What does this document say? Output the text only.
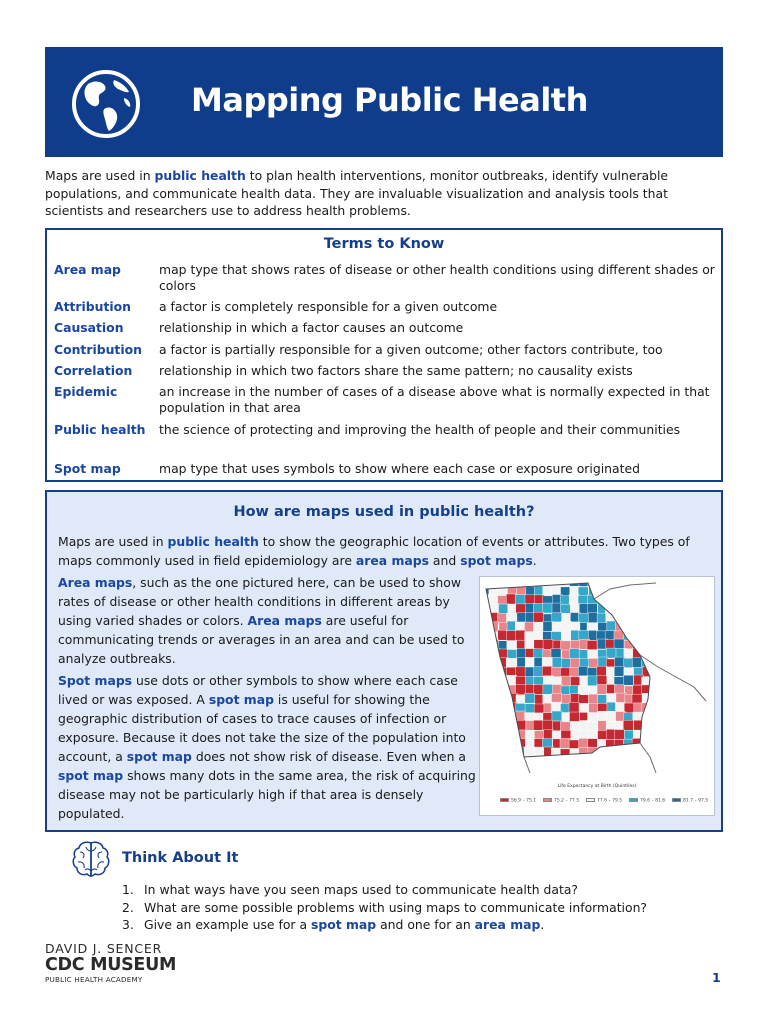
Mapping Public Health

Maps are used in public health to plan health interventions, monitor outbreaks, identify vulnerable populations, and communicate health data. They are invaluable visualization and analysis tools that scientists and researchers use to address health problems.

Terms to Know
Area map	map type that shows rates of disease or other health conditions using different shades or colors
Attribution	a factor is completely responsible for a given outcome
Causation	relationship in which a factor causes an outcome
Contribution	a factor is partially responsible for a given outcome; other factors contribute, too
Correlation	relationship in which two factors share the same pattern; no causality exists
Epidemic	an increase in the number of cases of a disease above what is normally expected in that population in that area
Public health	the science of protecting and improving the health of people and their communities
Spot map	map type that uses symbols to show where each case or exposure originated
How are maps used in public health?

Maps are used in public health to show the geographic location of events or attributes. Two types of maps commonly used in field epidemiology are area maps and spot maps.

Area maps, such as the one pictured here, can be used to show rates of disease or other health conditions in different areas by using varied shades or colors. Area maps are useful for communicating trends or averages in an area and can be used to analyze outbreaks.

Spot maps use dots or other symbols to show where each case lived or was exposed. A spot map is useful for showing the geographic distribution of cases to trace causes of infection or exposure. Because it does not take the size of the population into account, a spot map does not show risk of disease. Even when a spot map shows many dots in the same area, the risk of acquiring disease may not be particularly high if that area is densely populated.

Life Expectancy at Birth (Quintiles)
56.9 – 75.1	75.2 – 77.5	77.6 – 79.5	79.6 – 81.6	81.7 – 97.5
Think About It
1. In what ways have you seen maps used to communicate health data?
2. What are some possible problems with using maps to communicate information?
3. Give an example use for a spot map and one for an area map.
DAVID J. SENCER
CDC MUSEUM
PUBLIC HEALTH ACADEMY	1
